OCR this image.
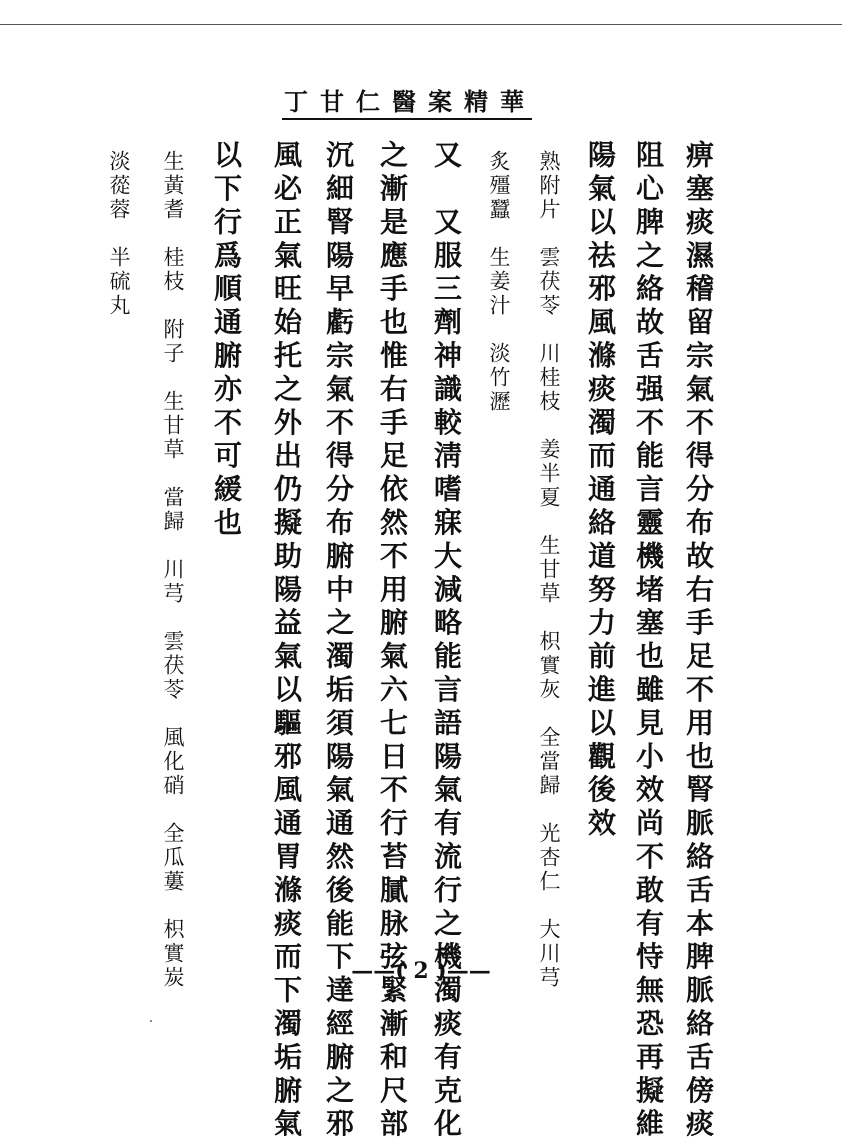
丁甘仁醫案精華
痹塞痰濕稽留宗氣不得分布故右手足不用也腎脈絡舌本脾脈絡舌傍痰
阻心脾之絡故舌强不能言靈機堵塞也雖見小效尚不敢有恃無恐再擬維
陽氣以祛邪風滌痰濁而通絡道努力前進以觀後效
熟附片　雲茯苓　川桂枝　姜半夏　生甘草　枳實灰　全當歸　光杏仁　大川芎
炙殭蠶　生姜汁　淡竹瀝
又　又服三劑神識較淸嗜寐大減略能言語陽氣有流行之機濁痰有克化
之漸是應手也惟右手足依然不用腑氣六七日不行苔膩脉弦緊漸和尺部
沉細腎陽早虧宗氣不得分布腑中之濁垢須陽氣通然後能下達經腑之邪
風必正氣旺始托之外出仍擬助陽益氣以驅邪風通胃滌痰而下濁垢腑氣
以下行爲順通腑亦不可緩也
生黃耆　桂枝　附子　生甘草　當歸　川芎　雲茯苓　風化硝　全瓜蔞　枳實炭
淡蓯蓉　半硫丸
——( 2 )——
